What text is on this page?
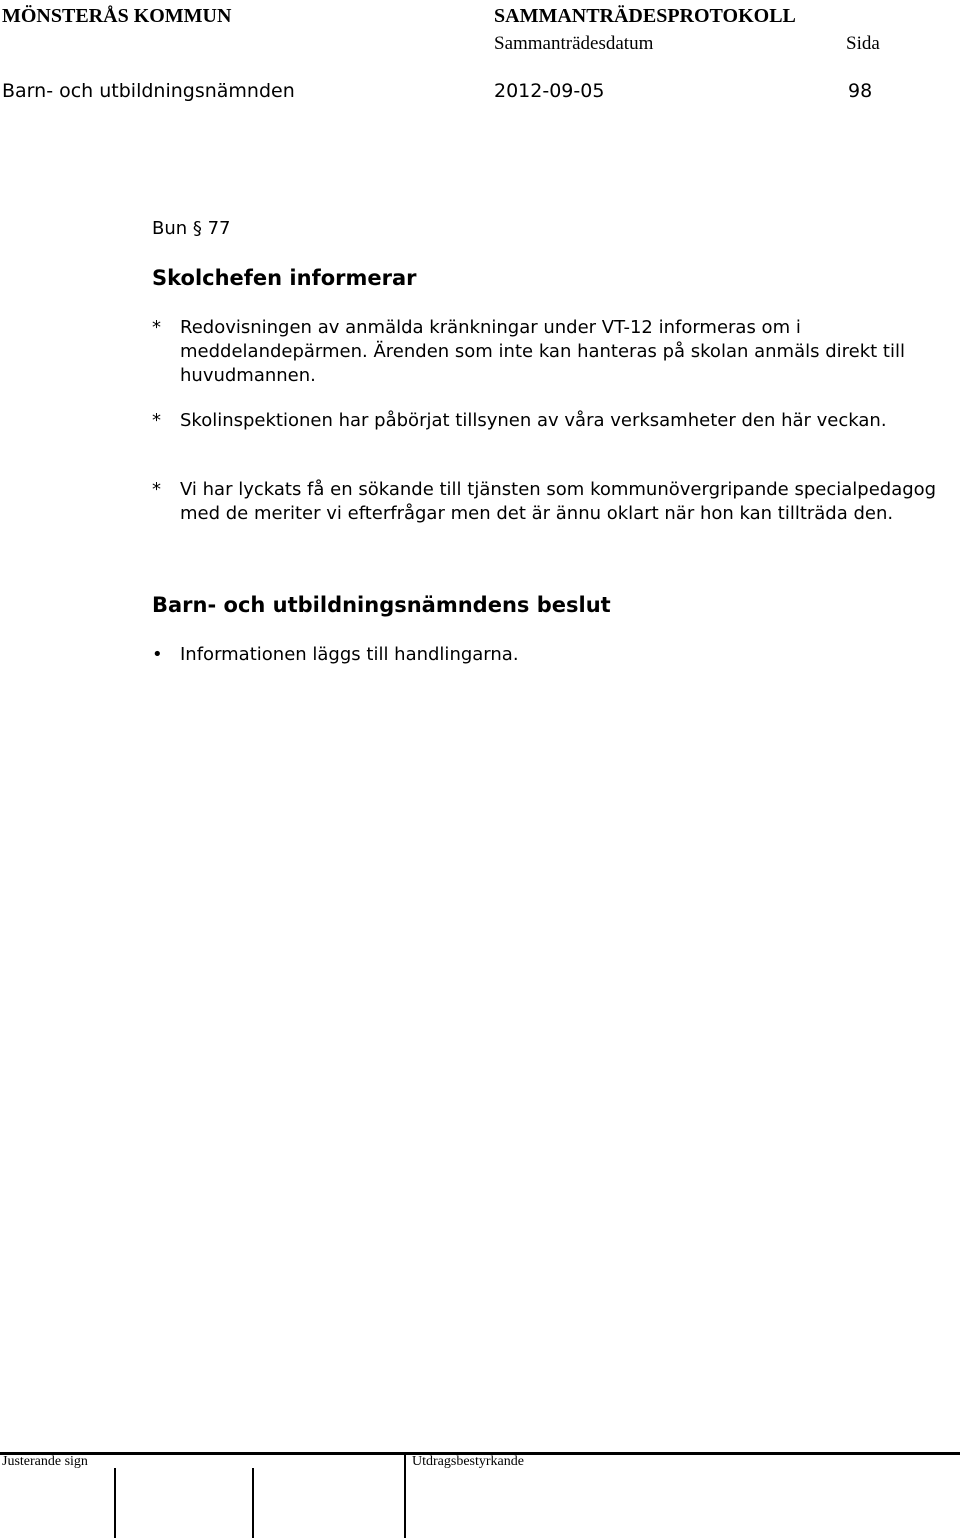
MÖNSTERÅS KOMMUN	SAMMANTRÄDESPROTOKOLL
Sammanträdesdatum	Sida
Barn- och utbildningsnämnden	2012-09-05	98
Bun § 77
Skolchefen informerar
* Redovisningen av anmälda kränkningar under VT-12 informeras om i meddelandepärmen. Ärenden som inte kan hanteras på skolan anmäls direkt till huvudmannen.
* Skolinspektionen har påbörjat tillsynen av våra verksamheter den här veckan.
* Vi har lyckats få en sökande till tjänsten som kommunövergripande specialpedagog med de meriter vi efterfrågar men det är ännu oklart när hon kan tillträda den.
Barn- och utbildningsnämndens beslut
• Informationen läggs till handlingarna.
Justerande sign	Utdragsbestyrkande
